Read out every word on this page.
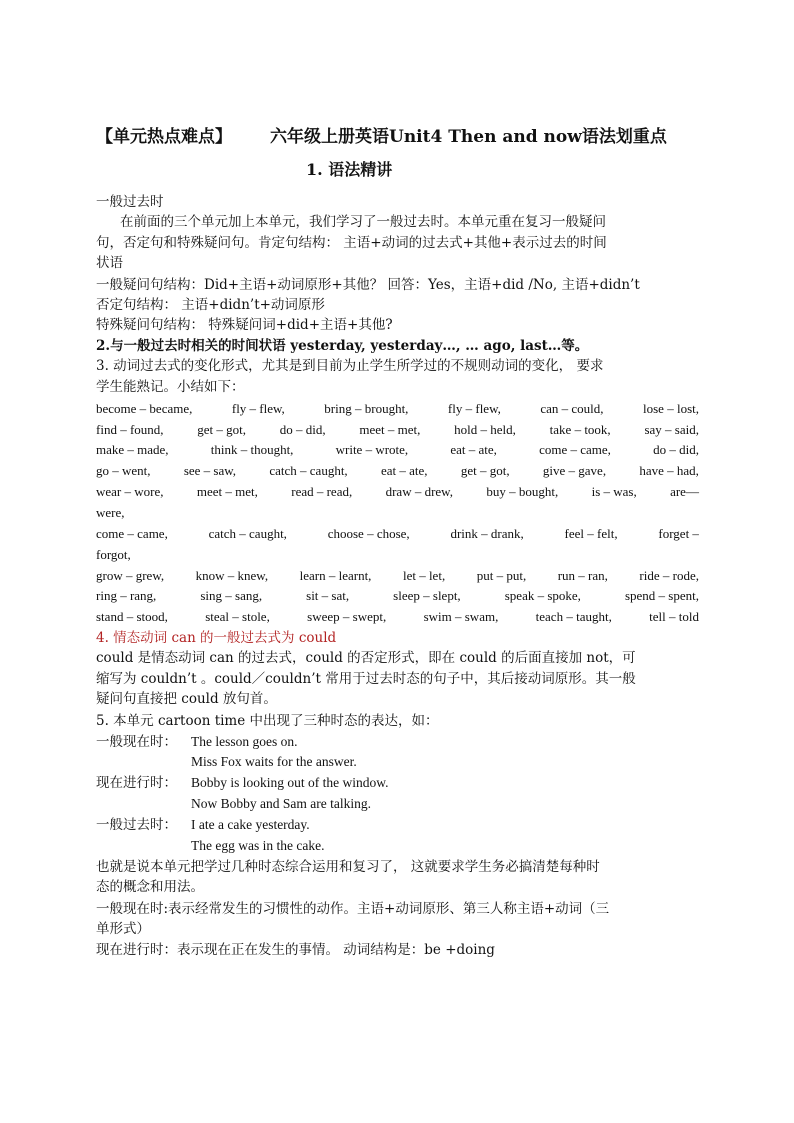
【单元热点难点】 六年级上册英语Unit4 Then and now语法划重点
1. 语法精讲
一般过去时
在前面的三个单元加上本单元，我们学习了一般过去时。本单元重在复习一般疑问
句，否定句和特殊疑问句。肯定句结构： 主语+动词的过去式+其他+表示过去的时间
状语
一般疑问句结构：Did+主语+动词原形+其他？ 回答：Yes，主语+did /No, 主语+didn’t
否定句结构： 主语+didn’t+动词原形
特殊疑问句结构： 特殊疑问词+did+主语+其他?
2.与一般过去时相关的时间状语 yesterday, yesterday…, … ago, last…等。
3. 动词过去式的变化形式，尤其是到目前为止学生所学过的不规则动词的变化， 要求
学生能熟记。小结如下：
become – became,	fly – flew,	bring – brought,	fly – flew,	can – could,	lose – lost,
find – found,	get – got,	do – did,	meet – met,	hold – held,	take – took,	say – said,
make – made,	think – thought,	write – wrote,	eat – ate,	come – came,	do – did,
go – went,	see – saw,	catch – caught,	eat – ate,	get – got,	give – gave,	have – had,
wear – wore,	meet – met,	read – read,	draw – drew,	buy – bought,	is – was,	are—
were,
come – came,	catch – caught,	choose – chose,	drink – drank,	feel – felt,	forget –
forgot,
grow – grew, know – knew, learn – learnt, let – let, put – put, run – ran, ride – rode,
ring – rang,	sing – sang,	sit – sat,	sleep – slept,	speak – spoke,	spend – spent,
stand – stood,	steal – stole,	sweep – swept,	swim – swam,	teach – taught,	tell – told
4. 情态动词 can 的一般过去式为 could
could 是情态动词 can 的过去式，could 的否定形式，即在 could 的后面直接加 not，可
缩写为 couldn’t 。could／couldn’t 常用于过去时态的句子中，其后接动词原形。其一般
疑问句直接把 could 放句首。
5. 本单元 cartoon time 中出现了三种时态的表达，如：
一般现在时： The lesson goes on.
Miss Fox waits for the answer.
现在进行时： Bobby is looking out of the window.
Now Bobby and Sam are talking.
一般过去时： I ate a cake yesterday.
The egg was in the cake.
也就是说本单元把学过几种时态综合运用和复习了， 这就要求学生务必搞清楚每种时
态的概念和用法。
一般现在时:表示经常发生的习惯性的动作。主语+动词原形、第三人称主语+动词（三
单形式）
现在进行时：表示现在正在发生的事情。 动词结构是：be +doing
